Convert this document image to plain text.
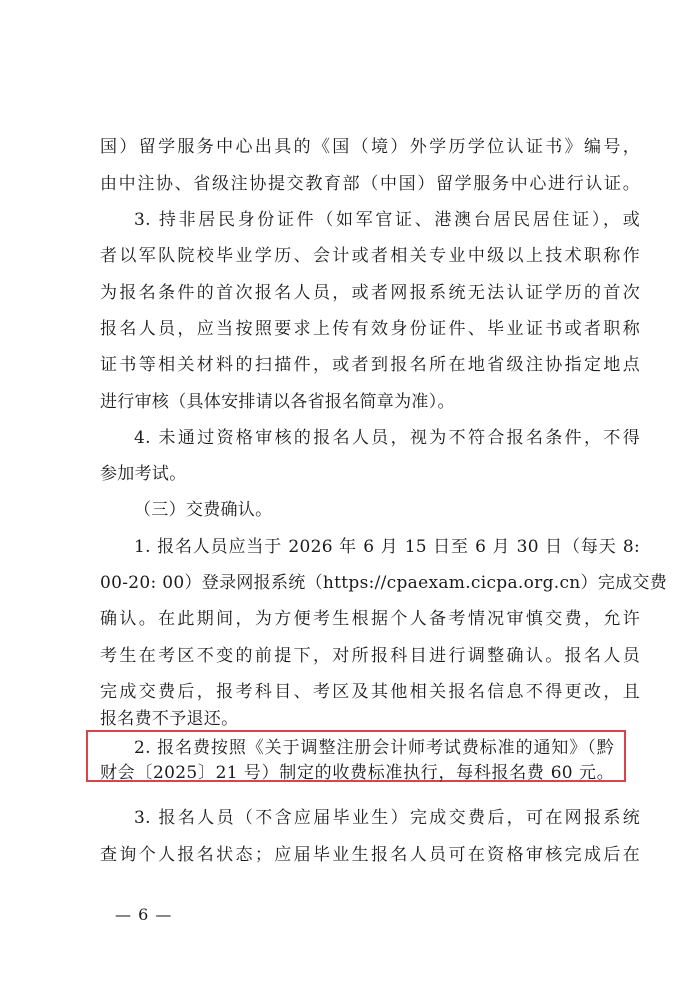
国）留学服务中心出具的《国（境）外学历学位认证书》编号，
由中注协、省级注协提交教育部（中国）留学服务中心进行认证。
3. 持非居民身份证件（如军官证、港澳台居民居住证），或
者以军队院校毕业学历、会计或者相关专业中级以上技术职称作
为报名条件的首次报名人员，或者网报系统无法认证学历的首次
报名人员，应当按照要求上传有效身份证件、毕业证书或者职称
证书等相关材料的扫描件，或者到报名所在地省级注协指定地点
进行审核（具体安排请以各省报名简章为准）。
4. 未通过资格审核的报名人员，视为不符合报名条件，不得
参加考试。
（三）交费确认。
1. 报名人员应当于 2026 年 6 月 15 日至 6 月 30 日（每天 8:
00-20: 00）登录网报系统（https://cpaexam.cicpa.org.cn）完成交费
确认。在此期间，为方便考生根据个人备考情况审慎交费，允许
考生在考区不变的前提下，对所报科目进行调整确认。报名人员
完成交费后，报考科目、考区及其他相关报名信息不得更改，且
报名费不予退还。
2. 报名费按照《关于调整注册会计师考试费标准的通知》（黔
财会〔2025〕21 号）制定的收费标准执行，每科报名费 60 元。
3. 报名人员（不含应届毕业生）完成交费后，可在网报系统
查询个人报名状态；应届毕业生报名人员可在资格审核完成后在
— 6 —
